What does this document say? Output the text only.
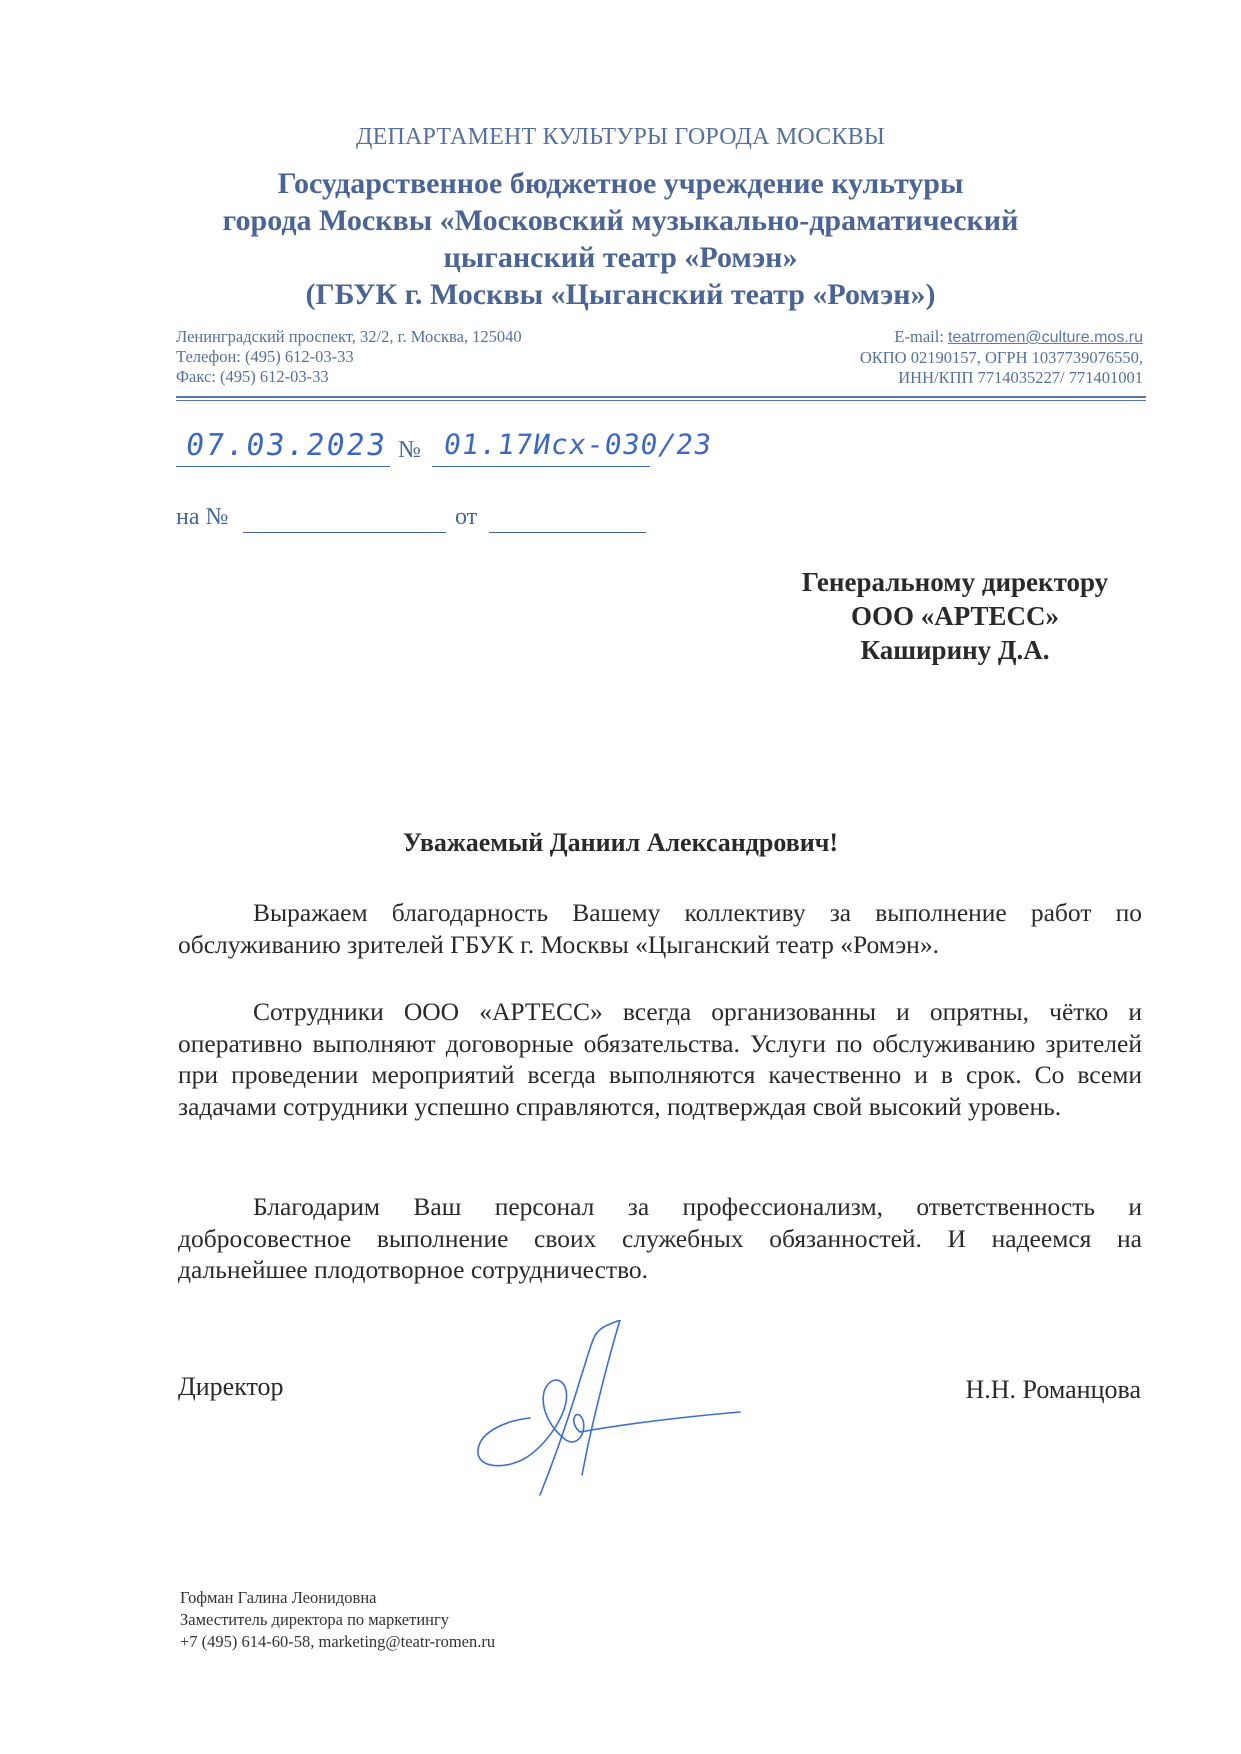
ДЕПАРТАМЕНТ КУЛЬТУРЫ ГОРОДА МОСКВЫ
Государственное бюджетное учреждение культуры
города Москвы «Московский музыкально-драматический
цыганский театр «Ромэн»
(ГБУК г. Москвы «Цыганский театр «Ромэн»)
Ленинградский проспект, 32/2, г. Москва, 125040
Телефон: (495) 612-03-33
Факс: (495) 612-03-33
E-mail: teatrromen@culture.mos.ru
ОКПО 02190157, ОГРН 1037739076550,
ИНН/КПП 7714035227/ 771401001
07.03.2023 № 01.17Исх-030/23
на №	от
Генеральному директору
ООО «АРТЕСС»
Каширину Д.А.
Уважаемый Даниил Александрович!
Выражаем благодарность Вашему коллективу за выполнение работ по обслуживанию зрителей ГБУК г. Москвы «Цыганский театр «Ромэн».
Сотрудники ООО «АРТЕСС» всегда организованны и опрятны, чётко и оперативно выполняют договорные обязательства. Услуги по обслуживанию зрителей при проведении мероприятий всегда выполняются качественно и в срок. Со всеми задачами сотрудники успешно справляются, подтверждая свой высокий уровень.
Благодарим Ваш персонал за профессионализм, ответственность и добросовестное выполнение своих служебных обязанностей. И надеемся на дальнейшее плодотворное сотрудничество.
Директор	Н.Н. Романцова
Гофман Галина Леонидовна
Заместитель директора по маркетингу
+7 (495) 614-60-58, marketing@teatr-romen.ru
